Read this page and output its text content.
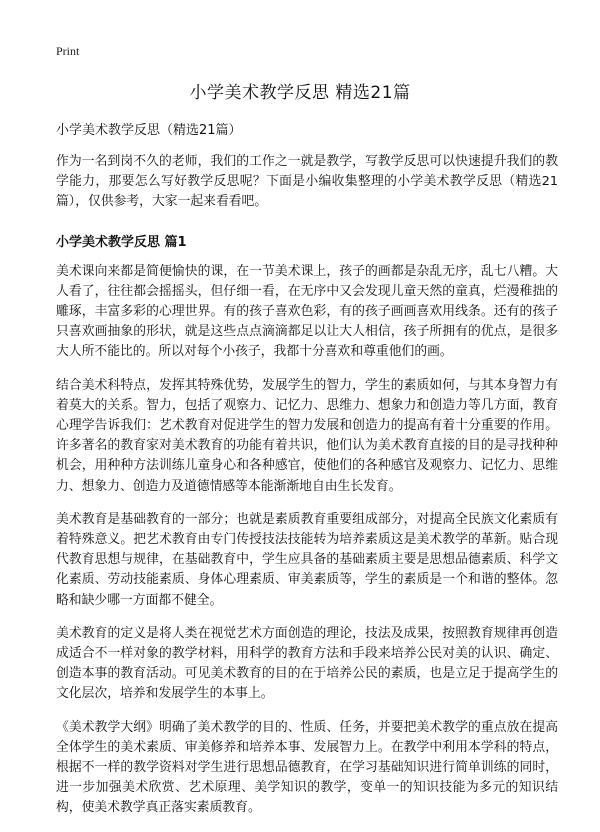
Print
小学美术教学反思 精选21篇

小学美术教学反思（精选21篇）

作为一名到岗不久的老师，我们的工作之一就是教学，写教学反思可以快速提升我们的教学能力，那要怎么写好教学反思呢？下面是小编收集整理的小学美术教学反思（精选21篇），仅供参考，大家一起来看看吧。

小学美术教学反思 篇1

美术课向来都是简便愉快的课，在一节美术课上，孩子的画都是杂乱无序，乱七八糟。大人看了，往往都会摇摇头，但仔细一看，在无序中又会发现儿童天然的童真，烂漫稚拙的雕琢，丰富多彩的心理世界。有的孩子喜欢色彩，有的孩子画画喜欢用线条。还有的孩子只喜欢画抽象的形状，就是这些点点滴滴都足以让大人相信，孩子所拥有的优点，是很多大人所不能比的。所以对每个小孩子，我都十分喜欢和尊重他们的画。

结合美术科特点，发挥其特殊优势，发展学生的智力，学生的素质如何，与其本身智力有着莫大的关系。智力，包括了观察力、记忆力、思维力、想象力和创造力等几方面，教育心理学告诉我们：艺术教育对促进学生的智力发展和创造力的提高有着十分重要的作用。许多著名的教育家对美术教育的功能有着共识，他们认为美术教育直接的目的是寻找种种机会，用种种方法训练儿童身心和各种感官，使他们的各种感官及观察力、记忆力、思维力、想象力、创造力及道德情感等本能渐渐地自由生长发育。

美术教育是基础教育的一部分；也就是素质教育重要组成部分，对提高全民族文化素质有着特殊意义。把艺术教育由专门传授技法技能转为培养素质这是美术教学的革新。贴合现代教育思想与规律，在基础教育中，学生应具备的基础素质主要是思想品德素质、科学文化素质、劳动技能素质、身体心理素质、审美素质等，学生的素质是一个和谐的整体。忽略和缺少哪一方面都不健全。

美术教育的定义是将人类在视觉艺术方面创造的理论，技法及成果，按照教育规律再创造成适合不一样对象的教学材料，用科学的教育方法和手段来培养公民对美的认识、确定、创造本事的教育活动。可见美术教育的目的在于培养公民的素质，也是立足于提高学生的文化层次，培养和发展学生的本事上。

《美术教学大纲》明确了美术教学的目的、性质、任务，并要把美术教学的重点放在提高全体学生的美术素质、审美修养和培养本事、发展智力上。在教学中利用本学科的特点，根据不一样的教学资料对学生进行思想品德教育，在学习基础知识进行简单训练的同时，进一步加强美术欣赏、艺术原理、美学知识的教学，变单一的知识技能为多元的知识结构，使美术教学真正落实素质教育。
